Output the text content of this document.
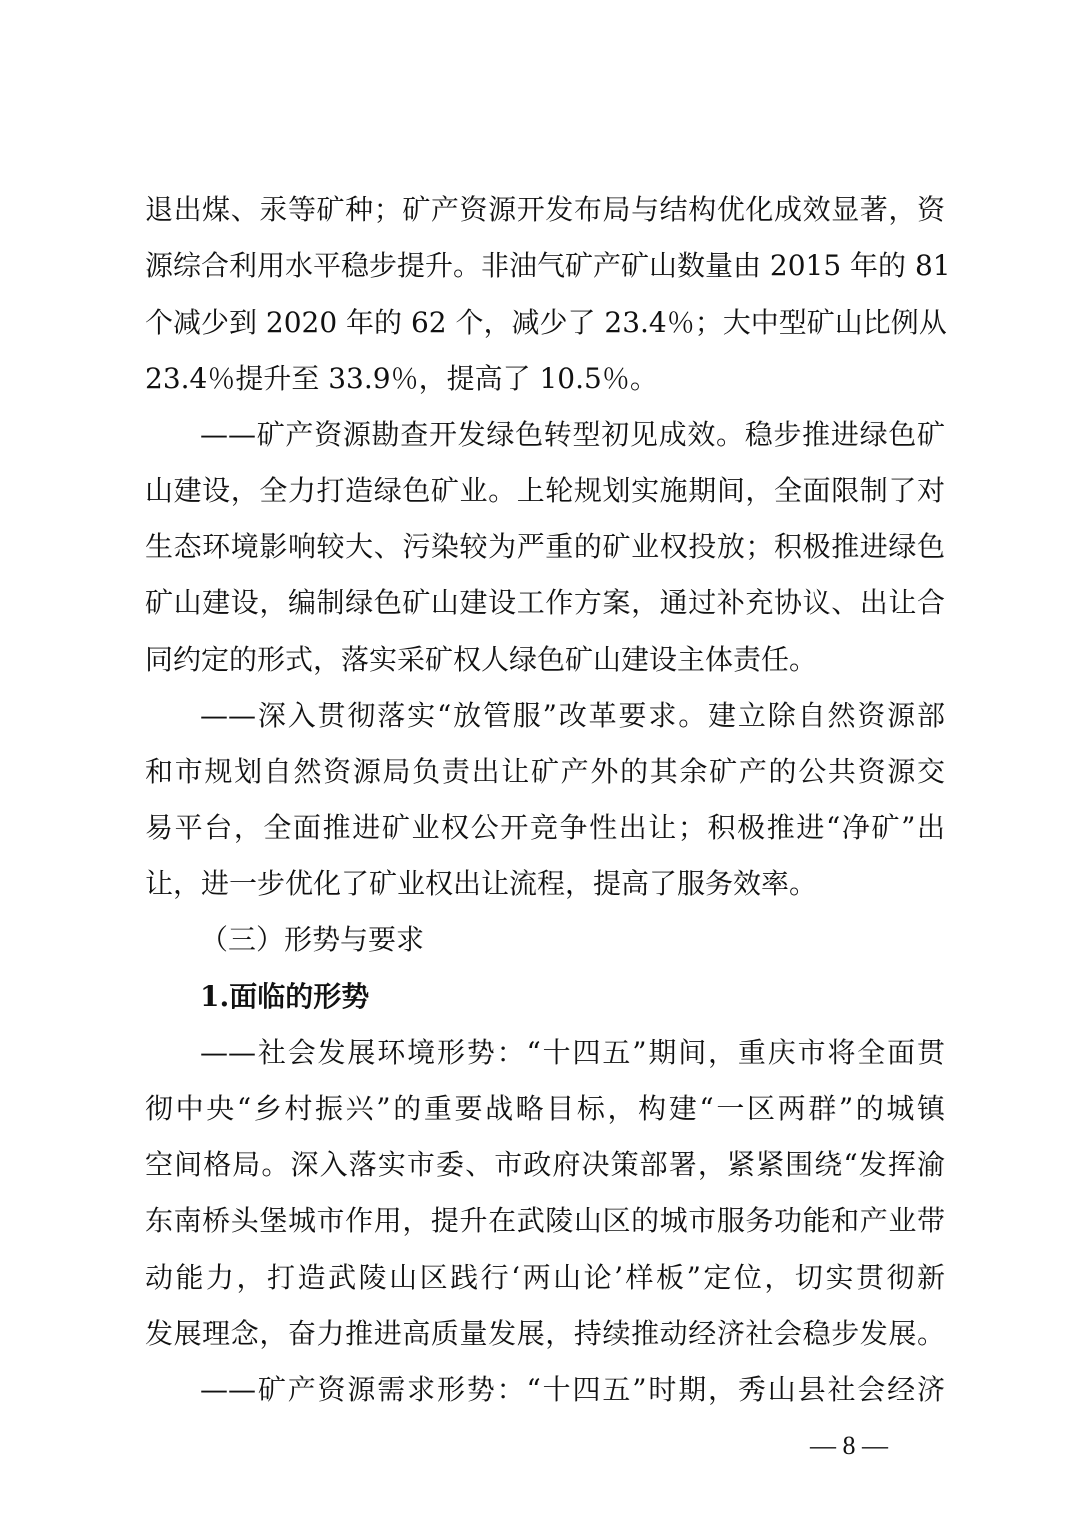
退出煤、汞等矿种；矿产资源开发布局与结构优化成效显著，资
源综合利用水平稳步提升。非油气矿产矿山数量由 2015 年的 81
个减少到 2020 年的 62 个，减少了 23.4％；大中型矿山比例从
23.4％提升至 33.9％，提高了 10.5％。
——矿产资源勘查开发绿色转型初见成效。稳步推进绿色矿
山建设，全力打造绿色矿业。上轮规划实施期间，全面限制了对
生态环境影响较大、污染较为严重的矿业权投放；积极推进绿色
矿山建设，编制绿色矿山建设工作方案，通过补充协议、出让合
同约定的形式，落实采矿权人绿色矿山建设主体责任。
——深入贯彻落实“放管服”改革要求。建立除自然资源部
和市规划自然资源局负责出让矿产外的其余矿产的公共资源交
易平台，全面推进矿业权公开竞争性出让；积极推进“净矿”出
让，进一步优化了矿业权出让流程，提高了服务效率。
（三）形势与要求
1.面临的形势
——社会发展环境形势：“十四五”期间，重庆市将全面贯
彻中央“乡村振兴”的重要战略目标，构建“一区两群”的城镇
空间格局。深入落实市委、市政府决策部署，紧紧围绕“发挥渝
东南桥头堡城市作用，提升在武陵山区的城市服务功能和产业带
动能力，打造武陵山区践行‘两山论’样板”定位，切实贯彻新
发展理念，奋力推进高质量发展，持续推动经济社会稳步发展。
——矿产资源需求形势：“十四五”时期，秀山县社会经济
— 8 —
